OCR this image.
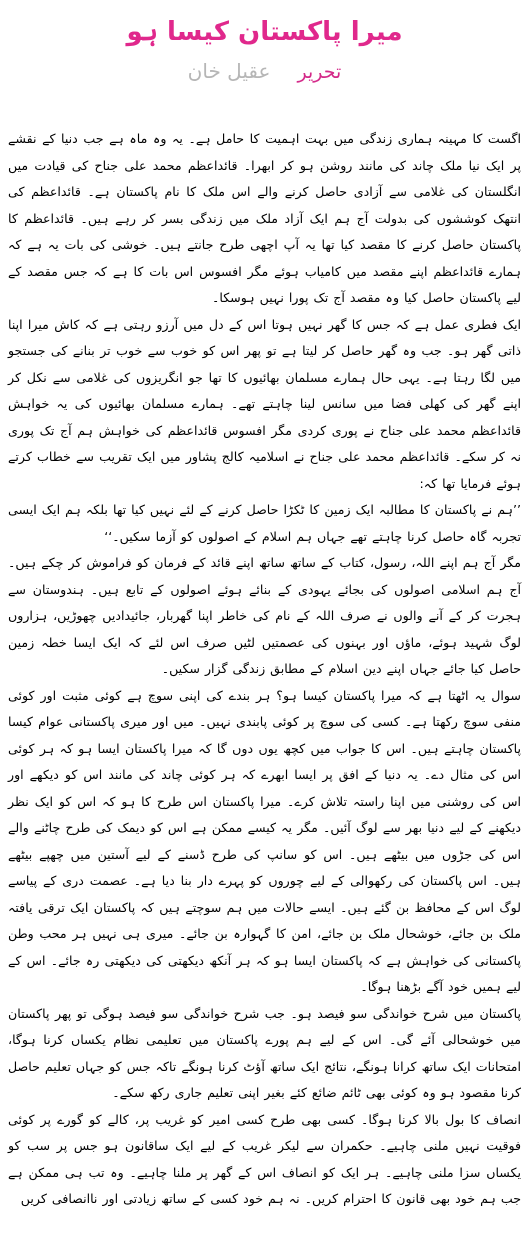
میرا پاکستان کیسا ہو
تحریر عقیل خان

اگست کا مہینہ ہماری زندگی میں بہت اہمیت کا حامل ہے۔ یہ وہ ماہ ہے جب دنیا کے نقشے پر ایک نیا ملک چاند کی مانند روشن ہو کر ابھرا۔ قائداعظم محمد علی جناح کی قیادت میں انگلستان کی غلامی سے آزادی حاصل کرنے والے اس ملک کا نام پاکستان ہے۔ قائداعظم کی انتھک کوششوں کی بدولت آج ہم ایک آزاد ملک میں زندگی بسر کر رہے ہیں۔ قائداعظم کا پاکستان حاصل کرنے کا مقصد کیا تھا یہ آپ اچھی طرح جانتے ہیں۔ خوشی کی بات یہ ہے کہ ہمارے قائداعظم اپنے مقصد میں کامیاب ہوئے مگر افسوس اس بات کا ہے کہ جس مقصد کے لیے پاکستان حاصل کیا وہ مقصد آج تک پورا نہیں ہوسکا۔

ایک فطری عمل ہے کہ جس کا گھر نہیں ہوتا اس کے دل میں آرزو رہتی ہے کہ کاش میرا اپنا ذاتی گھر ہو۔ جب وہ گھر حاصل کر لیتا ہے تو پھر اس کو خوب سے خوب تر بنانے کی جستجو میں لگا رہتا ہے۔ یہی حال ہمارے مسلمان بھائیوں کا تھا جو انگریزوں کی غلامی سے نکل کر اپنے گھر کی کھلی فضا میں سانس لینا چاہتے تھے۔ ہمارے مسلمان بھائیوں کی یہ خواہش قائداعظم محمد علی جناح نے پوری کردی مگر افسوس قائداعظم کی خواہش ہم آج تک پوری نہ کر سکے۔ قائداعظم محمد علی جناح نے اسلامیہ کالج پشاور میں ایک تقریب سے خطاب کرتے ہوئے فرمایا تھا کہ:

’’ہم نے پاکستان کا مطالبہ ایک زمین کا ٹکڑا حاصل کرنے کے لئے نہیں کیا تھا بلکہ ہم ایک ایسی تجربہ گاہ حاصل کرنا چاہتے تھے جہاں ہم اسلام کے اصولوں کو آزما سکیں۔‘‘

مگر آج ہم اپنے اللہ، رسول، کتاب کے ساتھ ساتھ اپنے قائد کے فرمان کو فراموش کر چکے ہیں۔ آج ہم اسلامی اصولوں کی بجائے یہودی کے بنائے ہوئے اصولوں کے تابع ہیں۔ ہندوستان سے ہجرت کر کے آنے والوں نے صرف اللہ کے نام کی خاطر اپنا گھربار، جائیدادیں چھوڑیں، ہزاروں لوگ شہید ہوئے، ماؤں اور بہنوں کی عصمتیں لٹیں صرف اس لئے کہ ایک ایسا خطہ زمین حاصل کیا جائے جہاں اپنے دین اسلام کے مطابق زندگی گزار سکیں۔

سوال یہ اٹھتا ہے کہ میرا پاکستان کیسا ہو؟ ہر بندے کی اپنی سوچ ہے کوئی مثبت اور کوئی منفی سوچ رکھتا ہے۔ کسی کی سوچ پر کوئی پابندی نہیں۔ میں اور میری پاکستانی عوام کیسا پاکستان چاہتے ہیں۔ اس کا جواب میں کچھ یوں دوں گا کہ میرا پاکستان ایسا ہو کہ ہر کوئی اس کی مثال دے۔ یہ دنیا کے افق پر ایسا ابھرے کہ ہر کوئی چاند کی مانند اس کو دیکھے اور اس کی روشنی میں اپنا راستہ تلاش کرے۔ میرا پاکستان اس طرح کا ہو کہ اس کو ایک نظر دیکھنے کے لیے دنیا بھر سے لوگ آئیں۔ مگر یہ کیسے ممکن ہے اس کو دیمک کی طرح چاٹنے والے اس کی جڑوں میں بیٹھے ہیں۔ اس کو سانپ کی طرح ڈسنے کے لیے آستین میں چھپے بیٹھے ہیں۔ اس پاکستان کی رکھوالی کے لیے چوروں کو پہرے دار بنا دیا ہے۔ عصمت دری کے پیاسے لوگ اس کے محافظ بن گئے ہیں۔ ایسے حالات میں ہم سوچتے ہیں کہ پاکستان ایک ترقی یافتہ ملک بن جائے، خوشحال ملک بن جائے، امن کا گہوارہ بن جائے۔ میری ہی نہیں ہر محب وطن پاکستانی کی خواہش ہے کہ پاکستان ایسا ہو کہ ہر آنکھ دیکھتی کی دیکھتی رہ جائے۔ اس کے لیے ہمیں خود آگے بڑھنا ہوگا۔

پاکستان میں شرح خواندگی سو فیصد ہو۔ جب شرح خواندگی سو فیصد ہوگی تو پھر پاکستان میں خوشحالی آئے گی۔ اس کے لیے ہم پورے پاکستان میں تعلیمی نظام یکساں کرنا ہوگا، امتحانات ایک ساتھ کرانا ہونگے، نتائج ایک ساتھ آؤٹ کرنا ہونگے تاکہ جس کو جہاں تعلیم حاصل کرنا مقصود ہو وہ کوئی بھی ٹائم ضائع کئے بغیر اپنی تعلیم جاری رکھ سکے۔

انصاف کا بول بالا کرنا ہوگا۔ کسی بھی طرح کسی امیر کو غریب پر، کالے کو گورے پر کوئی فوقیت نہیں ملنی چاہیے۔ حکمران سے لیکر غریب کے لیے ایک ساقانون ہو جس پر سب کو یکساں سزا ملنی چاہیے۔ ہر ایک کو انصاف اس کے گھر پر ملنا چاہیے۔ وہ تب ہی ممکن ہے جب ہم خود بھی قانون کا احترام کریں۔ نہ ہم خود کسی کے ساتھ زیادتی اور ناانصافی کریں
